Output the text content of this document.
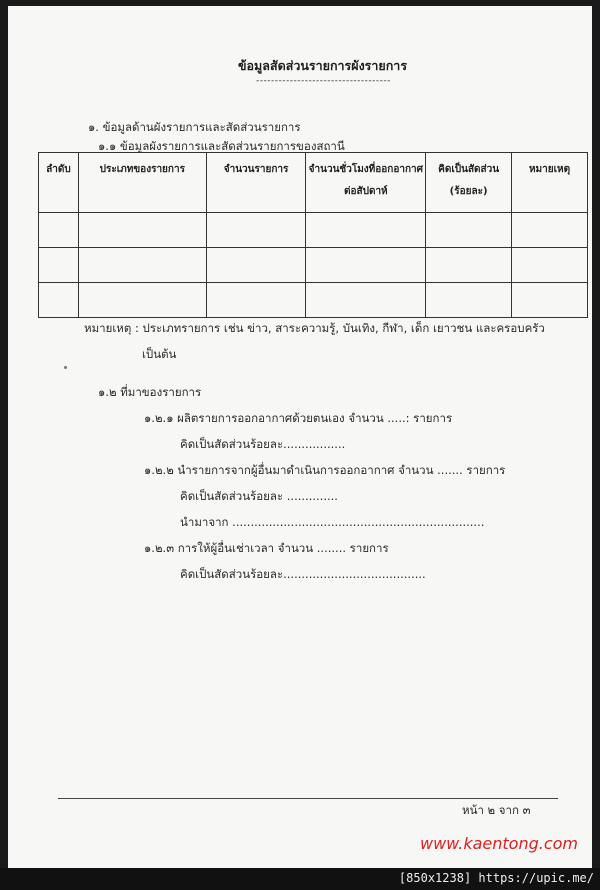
ข้อมูลสัดส่วนรายการผังรายการ
------------------------------------
๑. ข้อมูลด้านผังรายการและสัดส่วนรายการ
๑.๑ ข้อมูลผังรายการและสัดส่วนรายการของสถานี
ลำดับ	ประเภทของรายการ	จำนวนรายการ	จำนวนชั่วโมงที่ออกอากาศ ต่อสัปดาห์	คิดเป็นสัดส่วน (ร้อยละ)	หมายเหตุ

หมายเหตุ : ประเภทรายการ เช่น ข่าว, สาระความรู้, บันเทิง, กีฬา, เด็ก เยาวชน และครอบครัว
เป็นต้น
๑.๒ ที่มาของรายการ
๑.๒.๑ ผลิตรายการออกอากาศด้วยตนเอง จำนวน .....: รายการ
คิดเป็นสัดส่วนร้อยละ.................
๑.๒.๒ นำรายการจากผู้อื่นมาดำเนินการออกอากาศ จำนวน ....... รายการ
คิดเป็นสัดส่วนร้อยละ ..............
นำมาจาก .....................................................................
๑.๒.๓ การให้ผู้อื่นเช่าเวลา จำนวน ........ รายการ
คิดเป็นสัดส่วนร้อยละ.......................................
หน้า ๒ จาก ๓
www.kaentong.com
[850x1238] https://upic.me/
